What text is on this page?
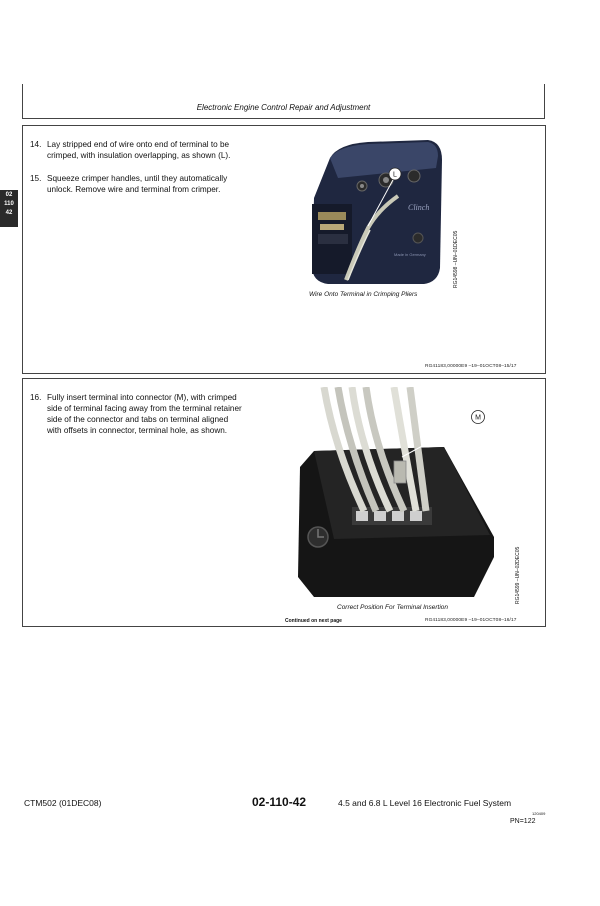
Electronic Engine Control Repair and Adjustment
02
110
42
14. Lay stripped end of wire onto end of terminal to be
crimped, with insulation overlapping, as shown (L).
15. Squeeze crimper handles, until they automatically
unlock. Remove wire and terminal from crimper.
L
Clinch
Made in Germany	RG14598 –UN–01DEC05
Wire Onto Terminal in Crimping Pliers
RG41183,00000E9 –19–01OCT08–15/17
16. Fully insert terminal into connector (M), with crimped
side of terminal facing away from the terminal retainer
side of the connector and tabs on terminal aligned
with offsets in connector, terminal hole, as shown.
M
RG14599 –UN–02DEC05
Correct Position For Terminal Insertion
Continued on next page	RG41183,00000E9 –19–01OCT08–16/17
CTM502 (01DEC08)	02-110-42	4.5 and 6.8 L Level 16 Electronic Fuel System
120409
PN=122
